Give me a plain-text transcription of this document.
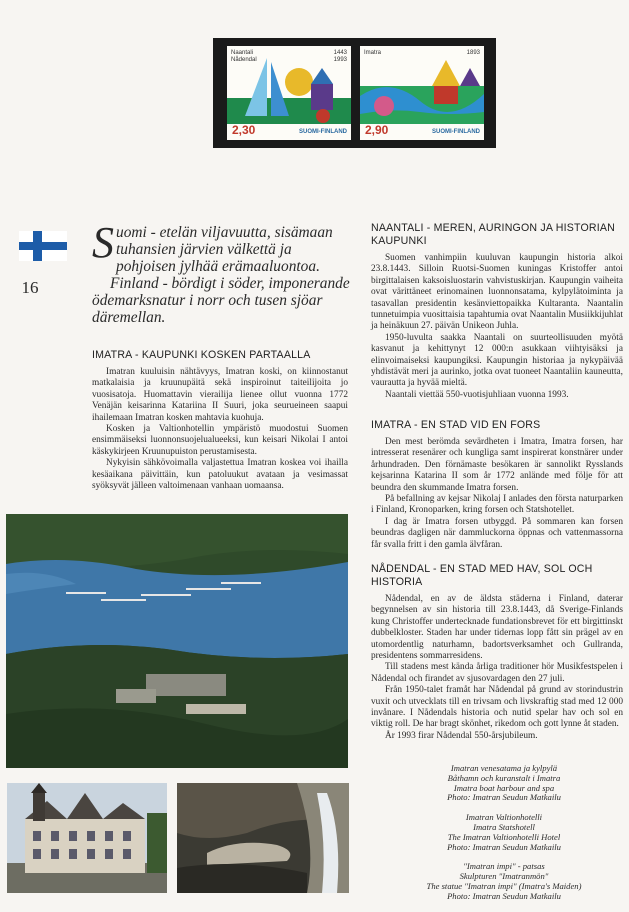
Naantali
Nådendal
1443
1993
2,30	SUOMI-FINLAND
Imatra	1893
2,90	SUOMI-FINLAND
16

Suomi - etelän viljavuutta, sisämaan tuhansien järvien välkettä ja pohjoisen jylhää erämaaluontoa.

Finland - bördigt i söder, imponerande ödemarksnatur i norr och tusen sjöar däremellan.

IMATRA - KAUPUNKI KOSKEN PARTAALLA

Imatran kuuluisin nähtävyys, Imatran koski, on kiinnostanut matkalaisia ja kruunupäitä sekä inspiroinut taiteilijoita jo vuosisatoja. Huomattavin vierailija lienee ollut vuonna 1772 Venäjän keisarinna Katariina II Suuri, joka seurueineen saapui ihailemaan Imatran kosken mahtavia kuohuja.

Kosken ja Valtionhotellin ympäristö muodostui Suomen ensimmäiseksi luonnonsuojelualueeksi, kun keisari Nikolai I antoi käskykirjeen Kruunupuiston perustamisesta.

Nykyisin sähkövoimalla valjastettua Imatran koskea voi ihailla kesäaikana päivittäin, kun patoluukut avataan ja vesimassat syöksyvät jälleen valtoimenaan vanhaan uomaansa.

NAANTALI - MEREN, AURINGON JA HISTORIAN KAUPUNKI

Suomen vanhimpiin kuuluvan kaupungin historia alkoi 23.8.1443. Silloin Ruotsi-Suomen kuningas Kristoffer antoi birgittalaisen kaksoisluostarin vahvistuskirjan. Kaupungin vaiheita ovat värittäneet erinomainen luonnonsatama, kylpylätoiminta ja tasavallan presidentin kesänviettopaikka Kultaranta. Naantalin tunnetuimpia vuosittaisia tapahtumia ovat Naantalin Musiikkijuhlat ja heinäkuun 27. päivän Unikeon Juhla.

1950-luvulta saakka Naantali on suurteollisuuden myötä kasvanut ja kehittynyt 12 000:n asukkaan viihtyisäksi ja elinvoimaiseksi kaupungiksi. Kaupungin historiaa ja nykypäivää yhdistävät meri ja aurinko, jotka ovat tuoneet Naantaliin kauneutta, vaurautta ja hyvää mieltä.

Naantali viettää 550-vuotisjuhliaan vuonna 1993.

IMATRA - EN STAD VID EN FORS

Den mest berömda sevärdheten i Imatra, Imatra forsen, har intresserat resenärer och kungliga samt inspirerat konstnärer under århundraden. Den förnämaste besökaren är sannolikt Rysslands kejsarinna Katarina II som år 1772 anlände med följe för att beundra den skummande Imatra forsen.

På befallning av kejsar Nikolaj I anlades den första naturparken i Finland, Kronoparken, kring forsen och Statshotellet.

I dag är Imatra forsen utbyggd. På sommaren kan forsen beundras dagligen när dammluckorna öppnas och vattenmassorna får svalla fritt i den gamla älvfåran.

NÅDENDAL - EN STAD MED HAV, SOL OCH HISTORIA

Nådendal, en av de äldsta städerna i Finland, daterar begynnelsen av sin historia till 23.8.1443, då Sverige-Finlands kung Christoffer undertecknade fundationsbrevet för ett birgittinskt dubbelkloster. Staden har under tidernas lopp fått sin prägel av en utomordentlig naturhamn, badortsverksamhet och Gullranda, presidentens sommarresidens.

Till stadens mest kända årliga traditioner hör Musikfestspelen i Nådendal och firandet av sjusovardagen den 27 juli.

Från 1950-talet framåt har Nådendal på grund av storindustrin vuxit och utvecklats till en trivsam och livskraftig stad med 12 000 invånare. I Nådendals historia och nutid spelar hav och sol en viktig roll. De har bragt skönhet, rikedom och gott lynne åt staden.

År 1993 firar Nådendal 550-årsjubileum.

Imatran venesatama ja kylpylä
Båthamn och kuranstalt i Imatra
Imatra boat harbour and spa
Photo: Imatran Seudun Matkailu
Imatran Valtionhotelli
Imatra Statshotell
The Imatran Valtionhotelli Hotel
Photo: Imatran Seudun Matkailu
"Imatran impi" - patsas
Skulpturen "Imatranmön"
The statue "Imatran impi" (Imatra's Maiden)
Photo: Imatran Seudun Matkailu
